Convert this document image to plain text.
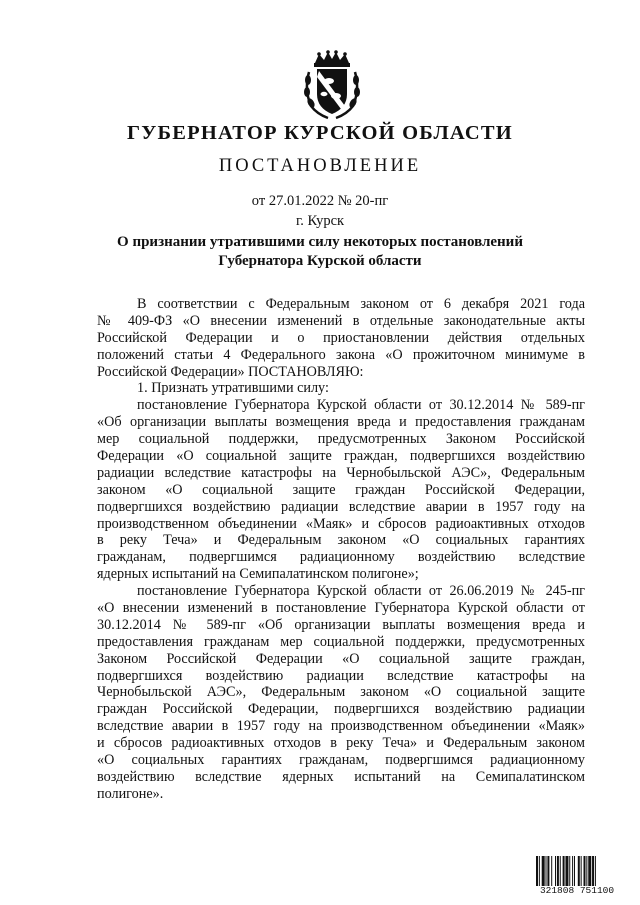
ГУБЕРНАТОР КУРСКОЙ ОБЛАСТИ
ПОСТАНОВЛЕНИЕ
от 27.01.2022 № 20-пг
г. Курск
О признании утратившими силу некоторых постановлений
Губернатора Курской области

В соответствии с Федеральным законом от 6 декабря 2021 года
№ 409-ФЗ «О внесении изменений в отдельные законодательные акты
Российской Федерации и о приостановлении действия отдельных
положений статьи 4 Федерального закона «О прожиточном минимуме в
Российской Федерации» ПОСТАНОВЛЯЮ:

1. Признать утратившими силу:

постановление Губернатора Курской области от 30.12.2014 № 589-пг
«Об организации выплаты возмещения вреда и предоставления гражданам
мер социальной поддержки, предусмотренных Законом Российской
Федерации «О социальной защите граждан, подвергшихся воздействию
радиации вследствие катастрофы на Чернобыльской АЭС», Федеральным
законом «О социальной защите граждан Российской Федерации,
подвергшихся воздействию радиации вследствие аварии в 1957 году на
производственном объединении «Маяк» и сбросов радиоактивных отходов
в реку Теча» и Федеральным законом «О социальных гарантиях
гражданам, подвергшимся радиационному воздействию вследствие
ядерных испытаний на Семипалатинском полигоне»;

постановление Губернатора Курской области от 26.06.2019 № 245-пг
«О внесении изменений в постановление Губернатора Курской области от
30.12.2014 № 589-пг «Об организации выплаты возмещения вреда и
предоставления гражданам мер социальной поддержки, предусмотренных
Законом Российской Федерации «О социальной защите граждан,
подвергшихся воздействию радиации вследствие катастрофы на
Чернобыльской АЭС», Федеральным законом «О социальной защите
граждан Российской Федерации, подвергшихся воздействию радиации
вследствие аварии в 1957 году на производственном объединении «Маяк»
и сбросов радиоактивных отходов в реку Теча» и Федеральным законом
«О социальных гарантиях гражданам, подвергшимся радиационному
воздействию вследствие ядерных испытаний на Семипалатинском
полигоне».

321808 751100
